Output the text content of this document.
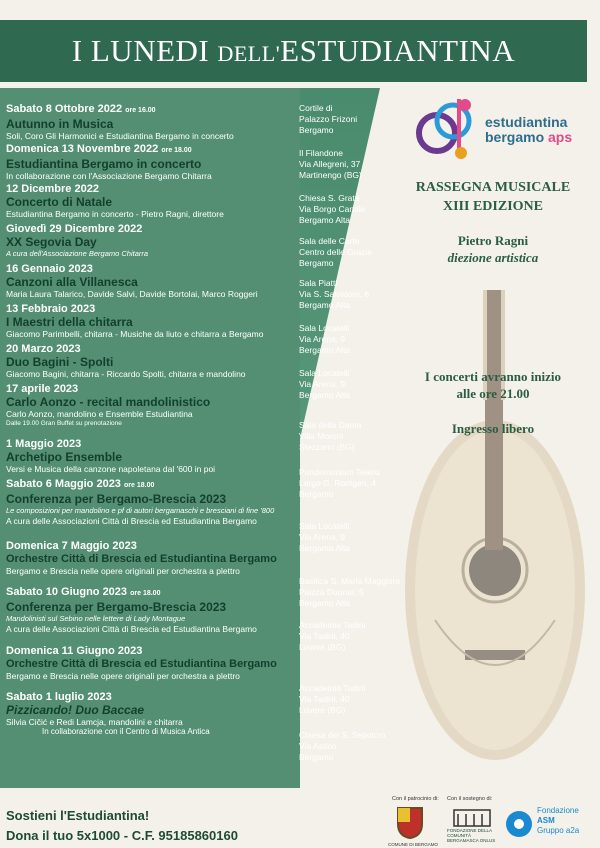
I LUNEDI DELL'ESTUDIANTINA
Sabato 8 Ottobre 2022 ore 16.00
Autunno in Musica
Soli, Coro Gli Harmonici e Estudiantina Bergamo in concerto
Domenica 13 Novembre 2022 ore 18.00
Estudiantina Bergamo in concerto
In collaborazione con l'Associazione Bergamo Chitarra
12 Dicembre 2022
Concerto di Natale
Estudiantina Bergamo in concerto - Pietro Ragni, direttore
Giovedì 29 Dicembre 2022
XX Segovia Day
A cura dell'Associazione Bergamo Chitarra
16 Gennaio 2023
Canzoni alla Villanesca
Maria Laura Talarico, Davide Salvi, Davide Bortolai, Marco Roggeri
13 Febbraio 2023
I Maestri della chitarra
Giacomo Parimbelli, chitarra - Musiche da liuto e chitarra a Bergamo
20 Marzo 2023
Duo Bagini - Spolti
Giacomo Bagini, chitarra - Riccardo Spolti, chitarra e mandolino
17 aprile 2023
Carlo Aonzo - recital mandolinistico
Carlo Aonzo, mandolino e Ensemble Estudiantina
Dalle 19.00 Gran Buffet su prenotazione
1 Maggio 2023
Archetipo Ensemble
Versi e Musica della canzone napoletana dal '600 in poi
Sabato 6 Maggio 2023 ore 18.00
Conferenza per Bergamo-Brescia 2023
Le composizioni per mandolino e pf di autori bergamaschi e bresciani di fine '800
A cura delle Associazioni Città di Brescia ed Estudiantina Bergamo
Domenica 7 Maggio 2023
Orchestre Città di Brescia ed Estudiantina Bergamo
Bergamo e Brescia nelle opere originali per orchestra a plettro
Sabato 10 Giugno 2023 ore 18.00
Conferenza per Bergamo-Brescia 2023
Mandolinisti sul Sebino nelle lettere di Lady Montague
A cura delle Associazioni Città di Brescia ed Estudiantina Bergamo
Domenica 11 Giugno 2023
Orchestre Città di Brescia ed Estudiantina Bergamo
Bergamo e Brescia nelle opere originali per orchestra a plettro
Sabato 1 luglio 2023
Pizzicando! Duo Baccae
Silvia Cičić e Redi Lamcja, mandolini e chitarra
In collaborazione con il Centro di Musica Antica
Cortile di
Palazzo Frizoni
Bergamo
Il Filandone
Via Allegreni, 37
Martinengo (BG)
Chiesa S. Grata
Via Borgo Canale
Bergamo Alta
Sala delle Carte
Centro delle Grazie
Bergamo
Sala Piatti
Via S. Salvatore, 6
Bergamo Alta
Sala Locatelli
Via Arena, 9
Bergamo Alta
Sala Locatelli
Via Arena, 9
Bergamo Alta
Sala della Dama
Villa Moroni
Stezzano (BG)
Pandemonium Teatro
Largo G. Rontgen, 4
Bergamo
Sala Locatelli
Via Arena, 9
Bergamo Alta
Basilica S. Maria Maggiore
Piazza Duomo, 5
Bergamo Alta
Accademia Tadini
Via Tadini, 40
Lovere (BG)
Accademia Tadini
Via Tadini, 40
Lovere (BG)
Chiesa del S. Sepolcro
Via Astino
Bergamo
estudiantina
bergamo aps
RASSEGNA MUSICALE
XIII EDIZIONE
Pietro Ragni
diezione artistica
I concerti avranno inizio
alle ore 21.00
Ingresso libero
Sostieni l'Estudiantina!
Dona il tuo 5x1000 - C.F. 95185860160
Con il patrocinio di: Con il sostegno di:
COMUNE DI BERGAMO
FONDAZIONE DELLA COMUNITÀ BERGAMASCA ONLUS
Fondazione
ASM
Gruppo a2a
